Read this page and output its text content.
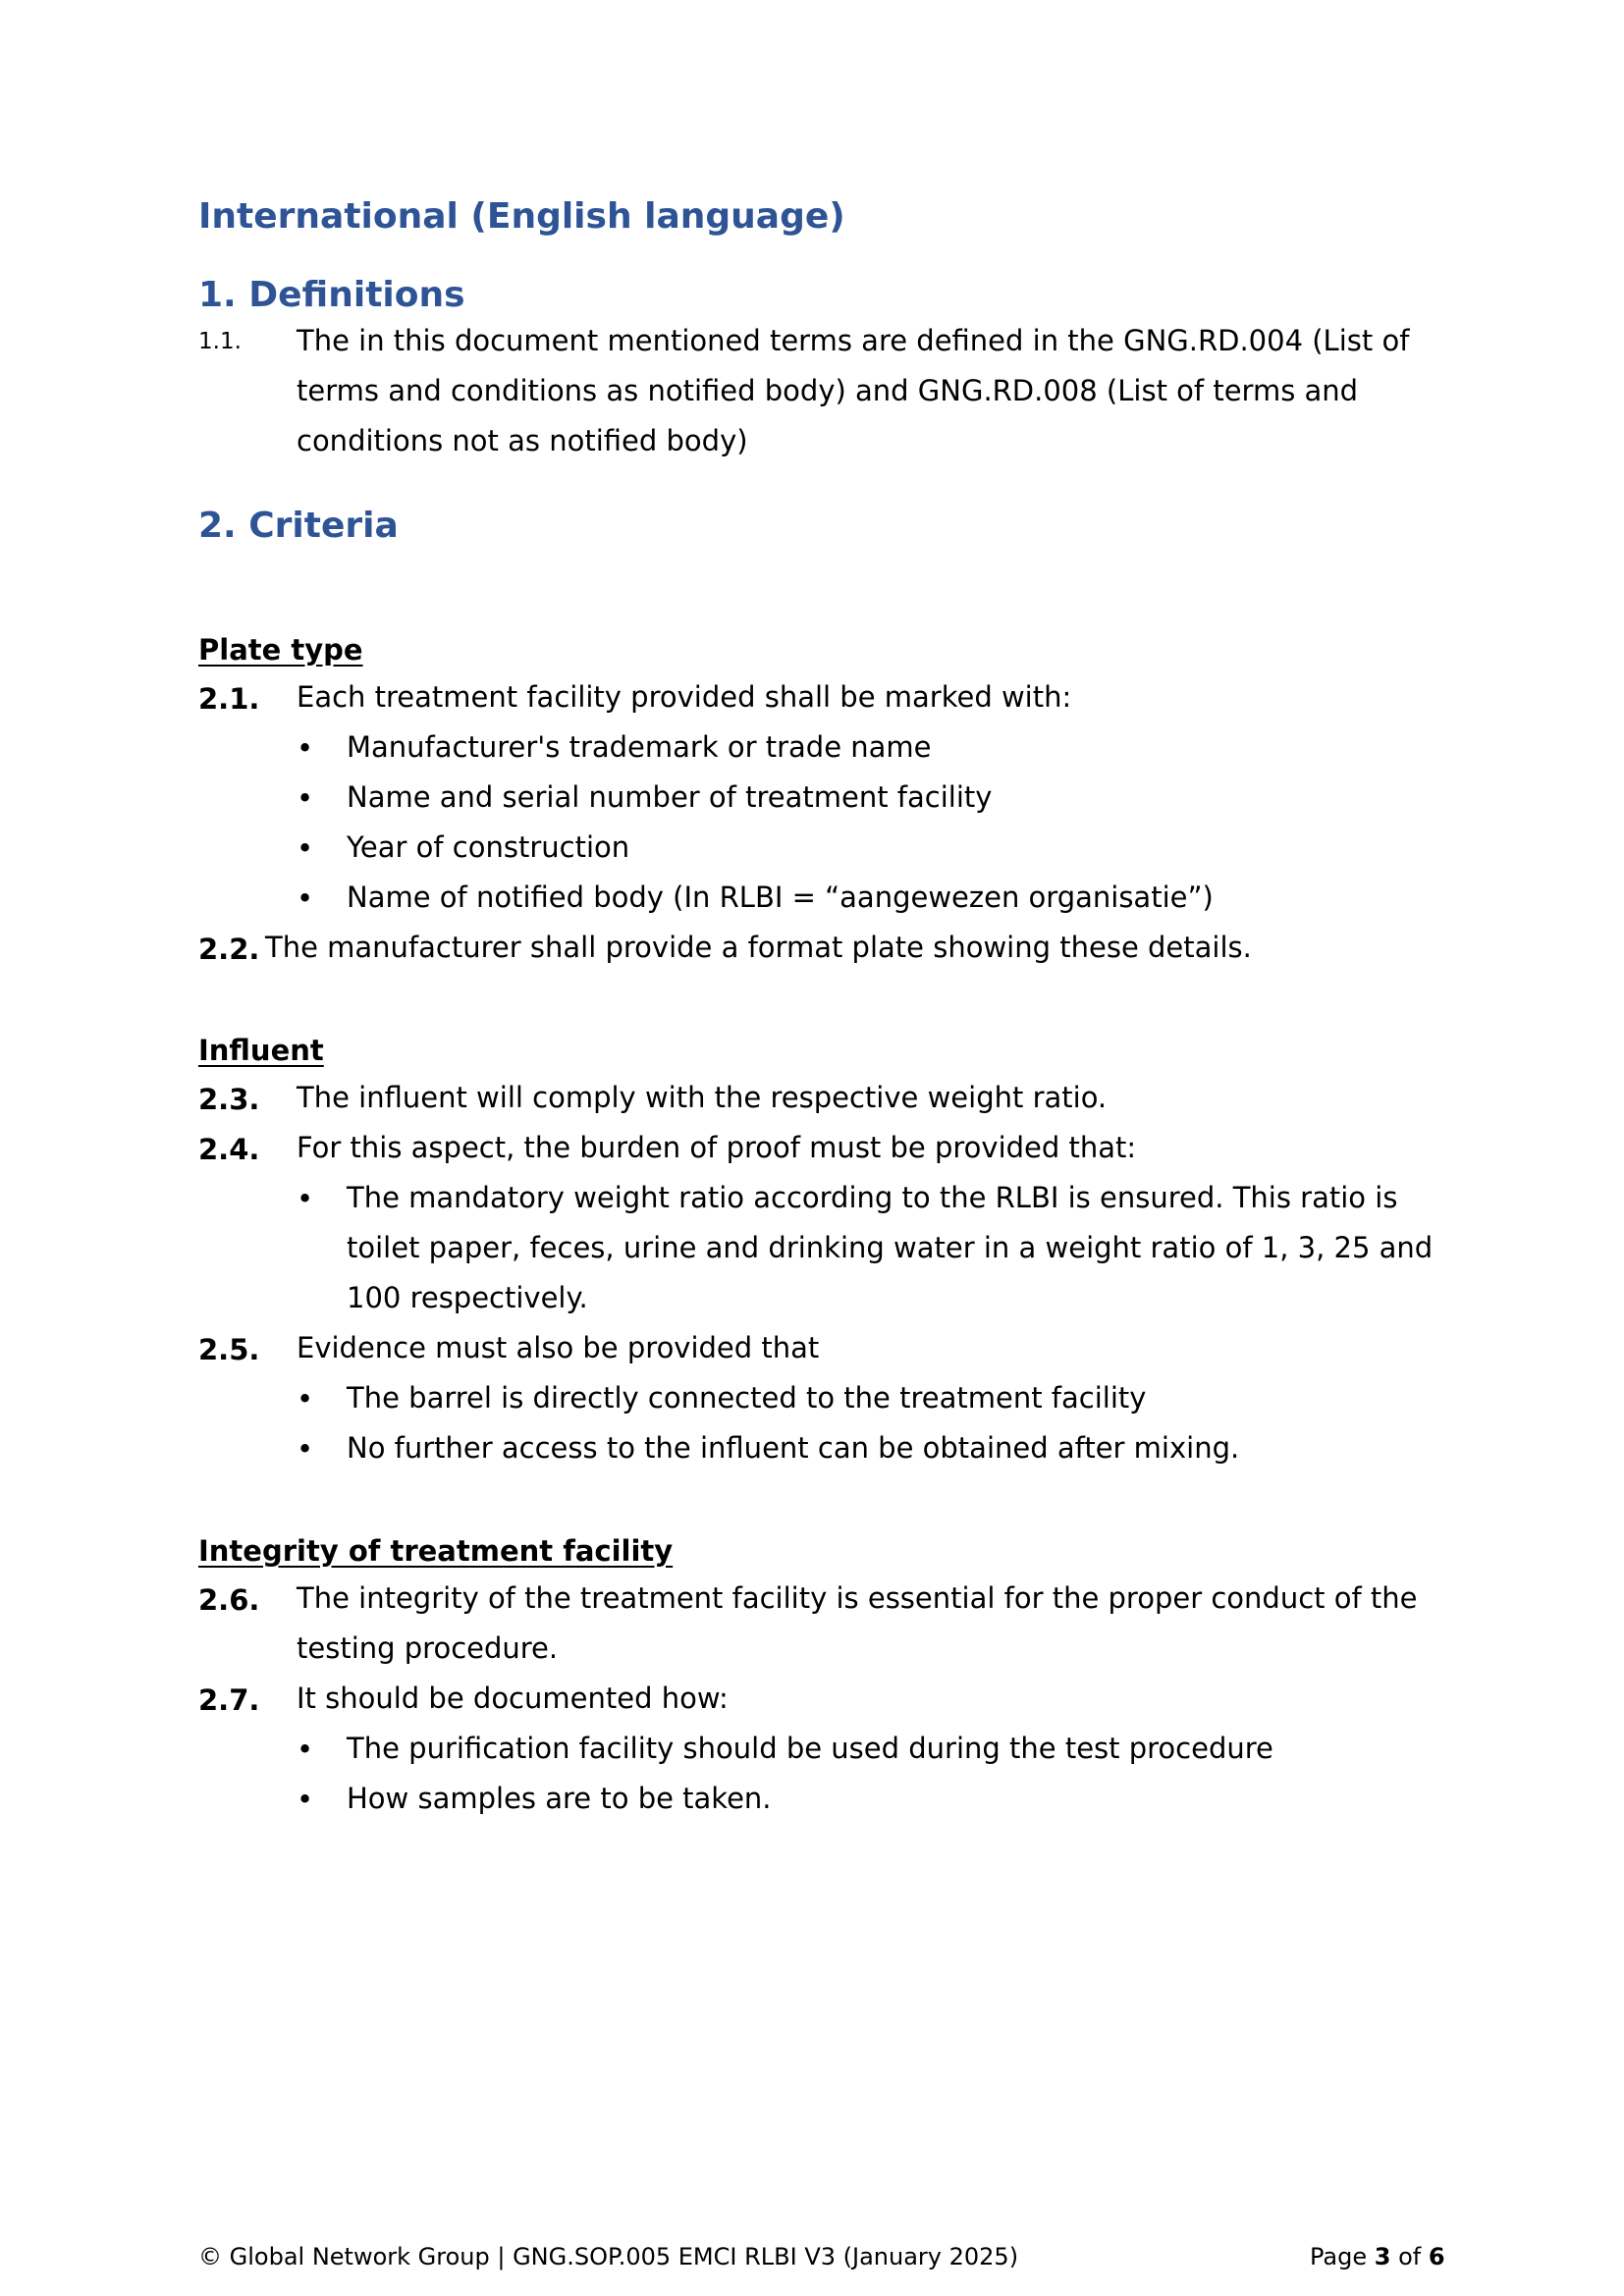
International (English language)
1. Definitions
1.1. The in this document mentioned terms are defined in the GNG.RD.004 (List of
terms and conditions as notified body) and GNG.RD.008 (List of terms and
conditions not as notified body)
2. Criteria
Plate type
2.1. Each treatment facility provided shall be marked with:
• Manufacturer's trademark or trade name
• Name and serial number of treatment facility
• Year of construction
• Name of notified body (In RLBI = “aangewezen organisatie”)
2.2. The manufacturer shall provide a format plate showing these details.
Influent
2.3. The influent will comply with the respective weight ratio.
2.4. For this aspect, the burden of proof must be provided that:
• The mandatory weight ratio according to the RLBI is ensured. This ratio is
toilet paper, feces, urine and drinking water in a weight ratio of 1, 3, 25 and
100 respectively.
2.5. Evidence must also be provided that
• The barrel is directly connected to the treatment facility
• No further access to the influent can be obtained after mixing.
Integrity of treatment facility
2.6. The integrity of the treatment facility is essential for the proper conduct of the
testing procedure.
2.7. It should be documented how:
• The purification facility should be used during the test procedure
• How samples are to be taken.
© Global Network Group | GNG.SOP.005 EMCI RLBI V3 (January 2025)	Page 3 of 6
